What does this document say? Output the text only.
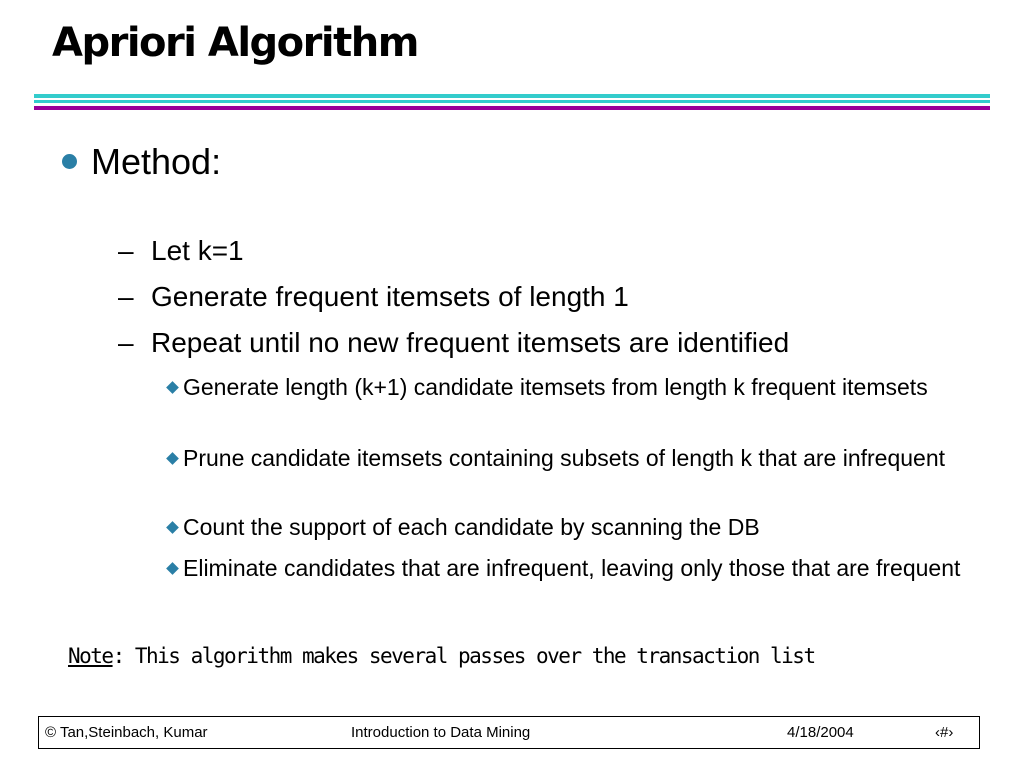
Apriori Algorithm
Method:
– Let k=1
– Generate frequent itemsets of length 1
– Repeat until no new frequent itemsets are identified
Generate length (k+1) candidate itemsets from length k frequent itemsets
Prune candidate itemsets containing subsets of length k that are infrequent
Count the support of each candidate by scanning the DB
Eliminate candidates that are infrequent, leaving only those that are frequent
Note: This algorithm makes several passes over the transaction list
© Tan,Steinbach, Kumar	Introduction to Data Mining	4/18/2004	‹#›
